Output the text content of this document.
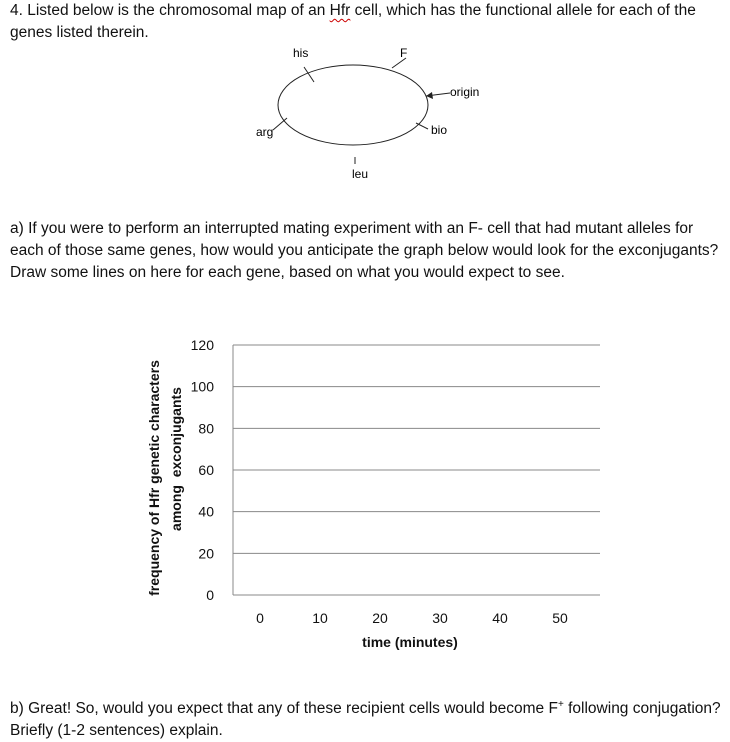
4. Listed below is the chromosomal map of an Hfr cell, which has the functional allele for each of the genes listed therein.
his	F
origin
arg	bio
leu
a) If you were to perform an interrupted mating experiment with an F- cell that had mutant alleles for each of those same genes, how would you anticipate the graph below would look for the exconjugants? Draw some lines on here for each gene, based on what you would expect to see.
0
20
40
60
80
100
120
0	10	20	30	40	50
time (minutes)
frequency of Hfr genetic characters among  exconjugants
b) Great! So, would you expect that any of these recipient cells would become F+ following conjugation? Briefly (1-2 sentences) explain.
